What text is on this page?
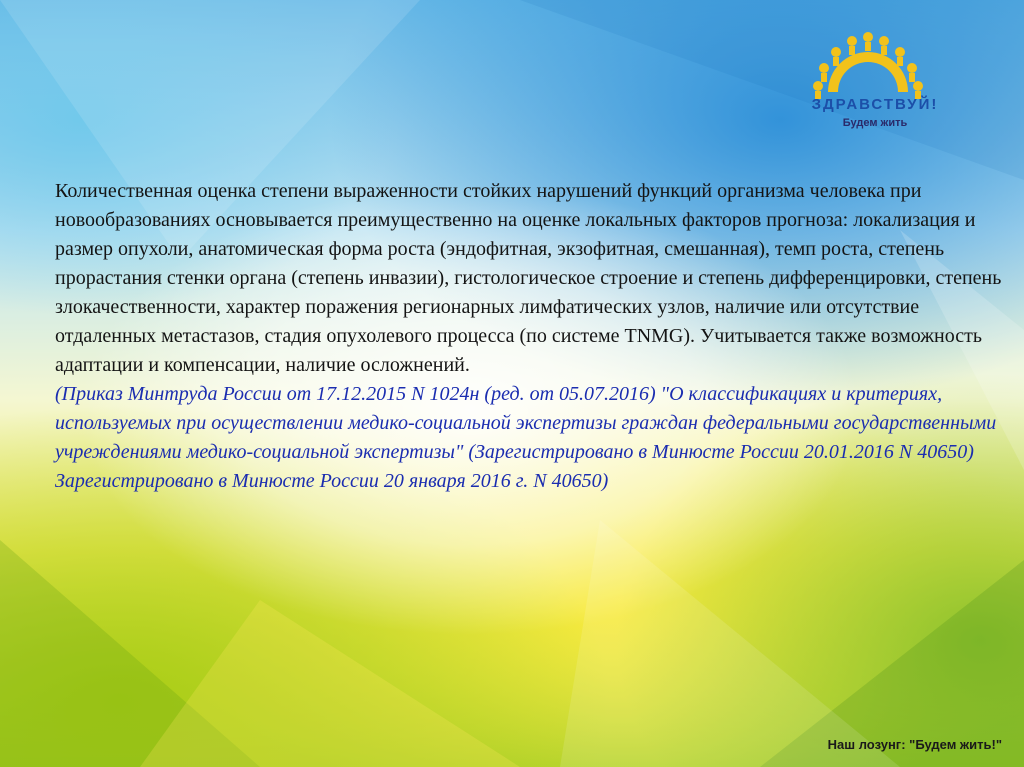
ЗДРАВСТВУЙ!
Будем жить

Количественная оценка степени выраженности стойких нарушений функций организма человека при новообразованиях основывается преимущественно на оценке локальных факторов прогноза: локализация и размер опухоли, анатомическая форма роста (эндофитная, экзофитная, смешанная), темп роста, степень прорастания стенки органа (степень инвазии), гистологическое строение и степень дифференцировки, степень злокачественности, характер поражения регионарных лимфатических узлов, наличие или отсутствие отдаленных метастазов, стадия опухолевого процесса (по системе TNMG). Учитывается также возможность адаптации и компенсации, наличие осложнений.

(Приказ Минтруда России от 17.12.2015 N 1024н (ред. от 05.07.2016) "О классификациях и критериях, используемых при осуществлении медико-социальной экспертизы граждан федеральными государственными учреждениями медико-социальной экспертизы" (Зарегистрировано в Минюсте России 20.01.2016 N 40650) Зарегистрировано в Минюсте России 20 января 2016 г. N 40650)

Наш лозунг: "Будем жить!"
